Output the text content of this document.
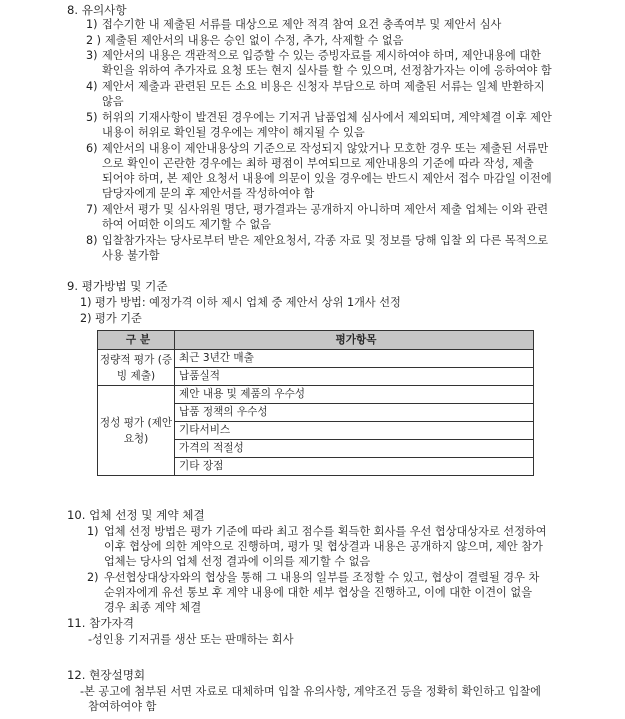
8. 유의사항
1) 접수기한 내 제출된 서류를 대상으로 제안 적격 참여 요건 충족여부 및 제안서 심사
2 ) 제출된 제안서의 내용은 승인 없이 수정, 추가, 삭제할 수 없음
3) 제안서의 내용은 객관적으로 입증할 수 있는 증빙자료를 제시하여야 하며, 제안내용에 대한
확인을 위하여 추가자료 요청 또는 현지 실사를 할 수 있으며, 선정참가자는 이에 응하여야 함
4) 제안서 제출과 관련된 모든 소요 비용은 신청자 부담으로 하며 제출된 서류는 일체 반환하지
않음
5) 허위의 기재사항이 발견된 경우에는 기저귀 납품업체 심사에서 제외되며, 계약체결 이후 제안
내용이 허위로 확인될 경우에는 계약이 해지될 수 있음
6) 제안서의 내용이 제안내용상의 기준으로 작성되지 않았거나 모호한 경우 또는 제출된 서류만
으로 확인이 곤란한 경우에는 최하 평점이 부여되므로 제안내용의 기준에 따라 작성, 제출
되어야 하며, 본 제안 요청서 내용에 의문이 있을 경우에는 반드시 제안서 접수 마감일 이전에
담당자에게 문의 후 제안서를 작성하여야 함
7) 제안서 평가 및 심사위원 명단, 평가결과는 공개하지 아니하며 제안서 제출 업체는 이와 관련
하여 어떠한 이의도 제기할 수 없음
8) 입찰참가자는 당사로부터 받은 제안요청서, 각종 자료 및 정보를 당해 입찰 외 다른 목적으로
사용 불가함
9. 평가방법 및 기준
1) 평가 방법: 예정가격 이하 제시 업체 중 제안서 상위 1개사 선정
2) 평가 기준
구 분	평가항목
정량적 평가 (증빙 제출)	최근 3년간 매출
	납품실적
정성 평가 (제안요청)	제안 내용 및 제품의 우수성
	납품 정책의 우수성
	기타서비스
	가격의 적절성
	기타 장점
10. 업체 선정 및 계약 체결
1) 업체 선정 방법은 평가 기준에 따라 최고 점수를 획득한 회사를 우선 협상대상자로 선정하여
이후 협상에 의한 계약으로 진행하며, 평가 및 협상결과 내용은 공개하지 않으며, 제안 참가
업체는 당사의 업체 선정 결과에 이의를 제기할 수 없음
2) 우선협상대상자와의 협상을 통해 그 내용의 일부를 조정할 수 있고, 협상이 결렬될 경우 차
순위자에게 유선 통보 후 계약 내용에 대한 세부 협상을 진행하고, 이에 대한 이견이 없을
경우 최종 계약 체결
11. 참가자격
-성인용 기저귀를 생산 또는 판매하는 회사
12. 현장설명회
-본 공고에 첨부된 서면 자료로 대체하며 입찰 유의사항, 계약조건 등을 정확히 확인하고 입찰에
참여하여야 함
